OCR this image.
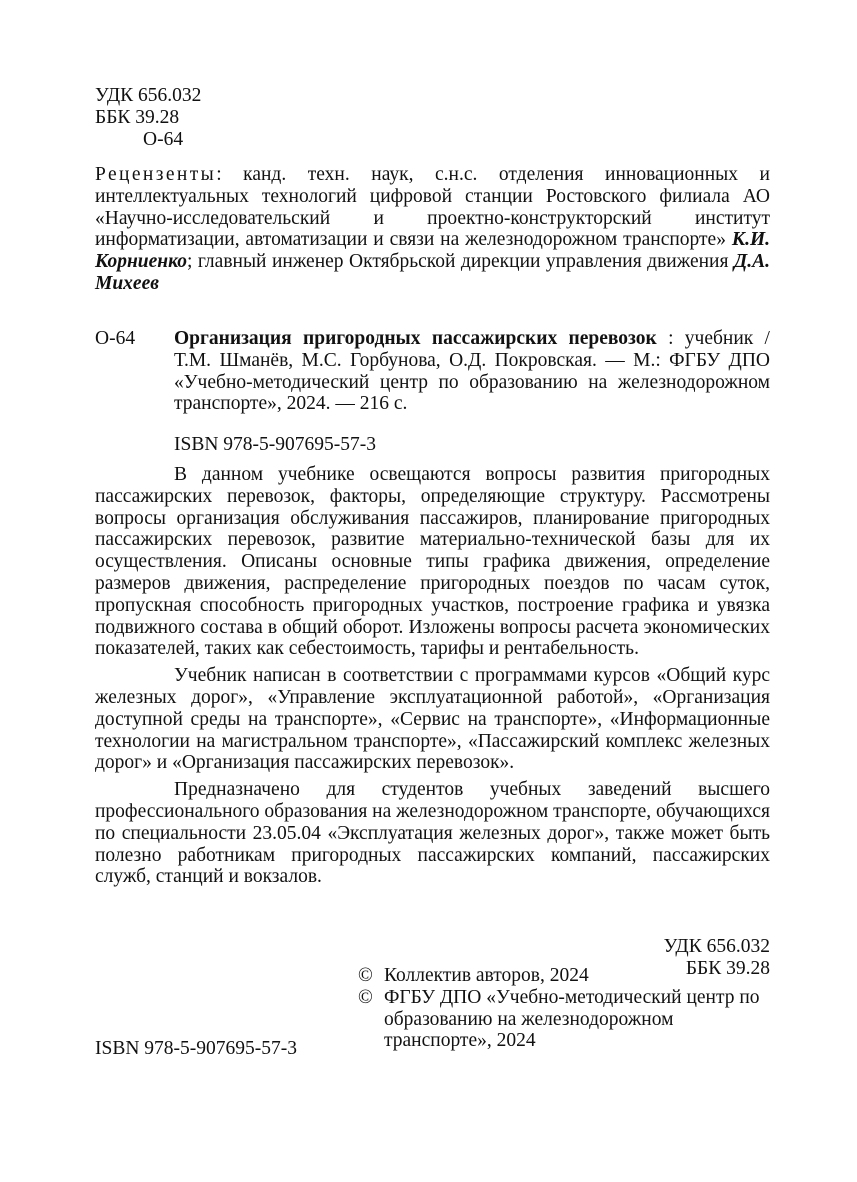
УДК 656.032
ББК 39.28
О-64
Рецензенты: канд. техн. наук, с.н.с. отделения инновационных и интеллектуальных технологий цифровой станции Ростовского филиала АО «Научно-исследовательский и проектно-конструкторский институт информатизации, автоматизации и связи на железнодорожном транспорте» К.И. Корниенко; главный инженер Октябрьской дирекции управления движения Д.А. Михеев
О-64 Организация пригородных пассажирских перевозок : учебник / Т.М. Шманёв, М.С. Горбунова, О.Д. Покровская. — М.: ФГБУ ДПО «Учебно-методический центр по образованию на железнодорожном транспорте», 2024. — 216 с.
ISBN 978-5-907695-57-3

В данном учебнике освещаются вопросы развития пригородных пассажирских перевозок, факторы, определяющие структуру. Рассмотрены вопросы организация обслуживания пассажиров, планирование пригородных пассажирских перевозок, развитие материально-технической базы для их осуществления. Описаны основные типы графика движения, определение размеров движения, распределение пригородных поездов по часам суток, пропускная способность пригородных участков, построение графика и увязка подвижного состава в общий оборот. Изложены вопросы расчета экономических показателей, таких как себестоимость, тарифы и рентабельность.

Учебник написан в соответствии с программами курсов «Общий курс железных дорог», «Управление эксплуатационной работой», «Организация доступной среды на транспорте», «Сервис на транспорте», «Информационные технологии на магистральном транспорте», «Пассажирский комплекс железных дорог» и «Организация пассажирских перевозок».

Предназначено для студентов учебных заведений высшего профессионального образования на железнодорожном транспорте, обучающихся по специальности 23.05.04 «Эксплуатация железных дорог», также может быть полезно работникам пригородных пассажирских компаний, пассажирских служб, станций и вокзалов.

УДК 656.032
ББК 39.28
© Коллектив авторов, 2024
© ФГБУ ДПО «Учебно-методический центр по образованию на железнодорожном транспорте», 2024
ISBN 978-5-907695-57-3
